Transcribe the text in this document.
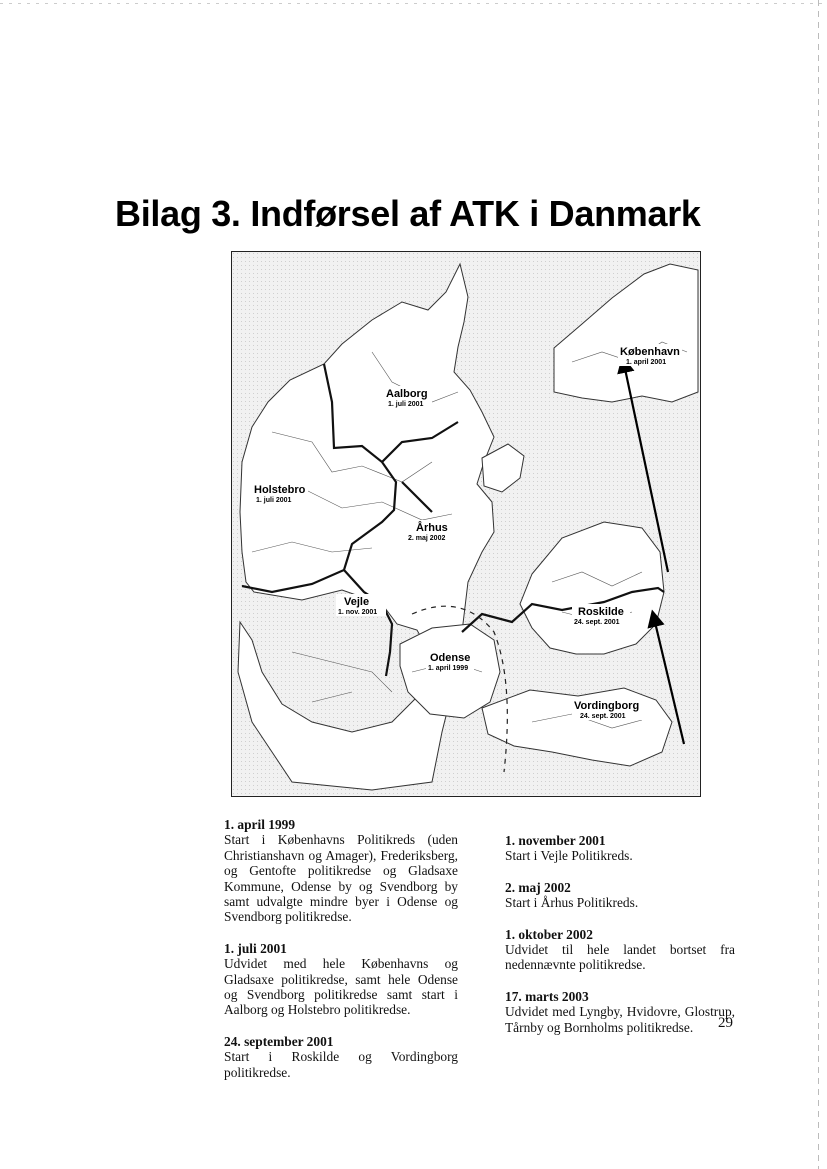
Bilag 3. Indførsel af ATK i Danmark
Aalborg
1. juli 2001
Holstebro
1. juli 2001
Århus
2. maj 2002
Vejle
1. nov. 2001
Odense
1. april 1999
Roskilde
24. sept. 2001
København
1. april 2001
Vordingborg
24. sept. 2001
1. april 1999

Start i Københavns Politikreds (uden Christianshavn og Amager), Frederiksberg, og Gentofte politikredse og Gladsaxe Kommune, Odense by og Svendborg by samt udvalgte mindre byer i Odense og Svendborg politikredse.

1. juli 2001

Udvidet med hele Københavns og Gladsaxe politikredse, samt hele Odense og Svendborg politikredse samt start i Aalborg og Holstebro politikredse.

24. september 2001

Start i Roskilde og Vordingborg politikredse.

1. november 2001

Start i Vejle Politikreds.

2. maj 2002

Start i Århus Politikreds.

1. oktober 2002

Udvidet til hele landet bortset fra nedennævnte politikredse.

17. marts 2003

Udvidet med Lyngby, Hvidovre, Glostrup, Tårnby og Bornholms politikredse.	29
